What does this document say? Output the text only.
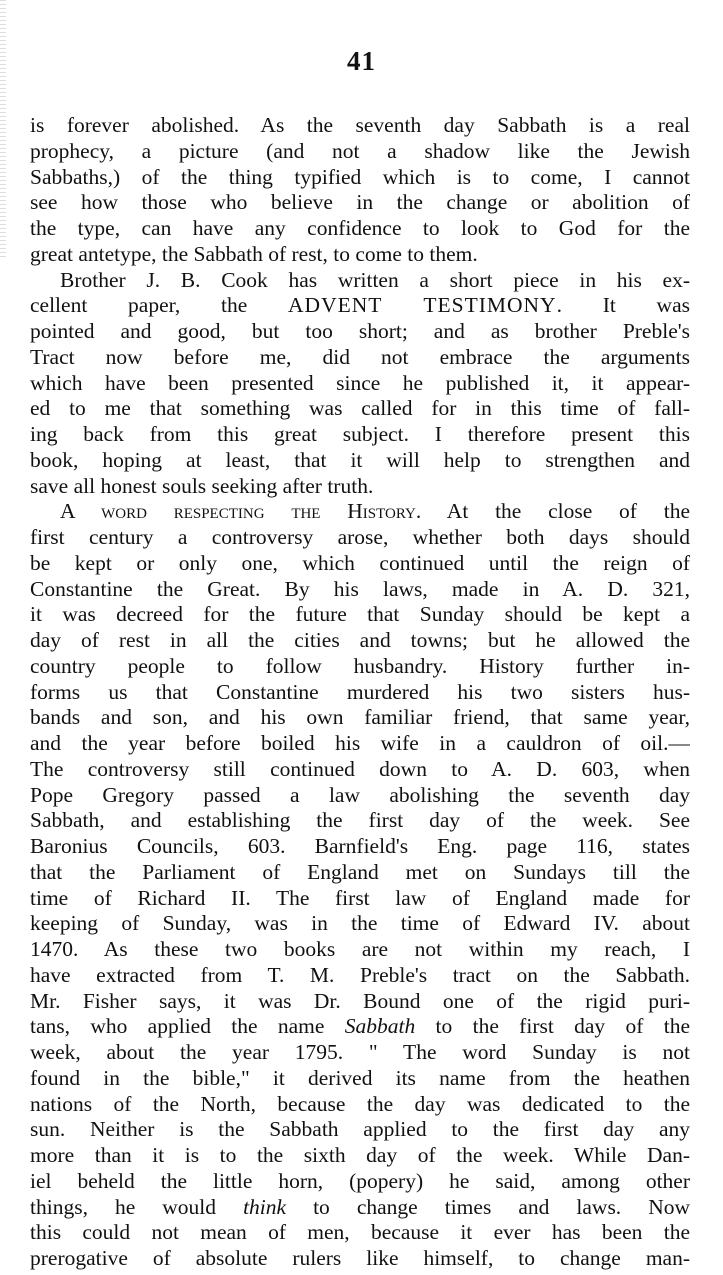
41
is forever abolished. As the seventh day Sabbath is a real
prophecy, a picture (and not a shadow like the Jewish
Sabbaths,) of the thing typified which is to come, I cannot
see how those who believe in the change or abolition of
the type, can have any confidence to look to God for the
great antetype, the Sabbath of rest, to come to them.
Brother J. B. Cook has written a short piece in his ex-
cellent paper, the ADVENT TESTIMONY. It was
pointed and good, but too short; and as brother Preble's
Tract now before me, did not embrace the arguments
which have been presented since he published it, it appear-
ed to me that something was called for in this time of fall-
ing back from this great subject. I therefore present this
book, hoping at least, that it will help to strengthen and
save all honest souls seeking after truth.
A word respecting the History. At the close of the
first century a controversy arose, whether both days should
be kept or only one, which continued until the reign of
Constantine the Great. By his laws, made in A. D. 321,
it was decreed for the future that Sunday should be kept a
day of rest in all the cities and towns; but he allowed the
country people to follow husbandry. History further in-
forms us that Constantine murdered his two sisters hus-
bands and son, and his own familiar friend, that same year,
and the year before boiled his wife in a cauldron of oil.—
The controversy still continued down to A. D. 603, when
Pope Gregory passed a law abolishing the seventh day
Sabbath, and establishing the first day of the week. See
Baronius Councils, 603. Barnfield's Eng. page 116, states
that the Parliament of England met on Sundays till the
time of Richard II. The first law of England made for
keeping of Sunday, was in the time of Edward IV. about
1470. As these two books are not within my reach, I
have extracted from T. M. Preble's tract on the Sabbath.
Mr. Fisher says, it was Dr. Bound one of the rigid puri-
tans, who applied the name Sabbath to the first day of the
week, about the year 1795. " The word Sunday is not
found in the bible," it derived its name from the heathen
nations of the North, because the day was dedicated to the
sun. Neither is the Sabbath applied to the first day any
more than it is to the sixth day of the week. While Dan-
iel beheld the little horn, (popery) he said, among other
things, he would think to change times and laws. Now
this could not mean of men, because it ever has been the
prerogative of absolute rulers like himself, to change man-
